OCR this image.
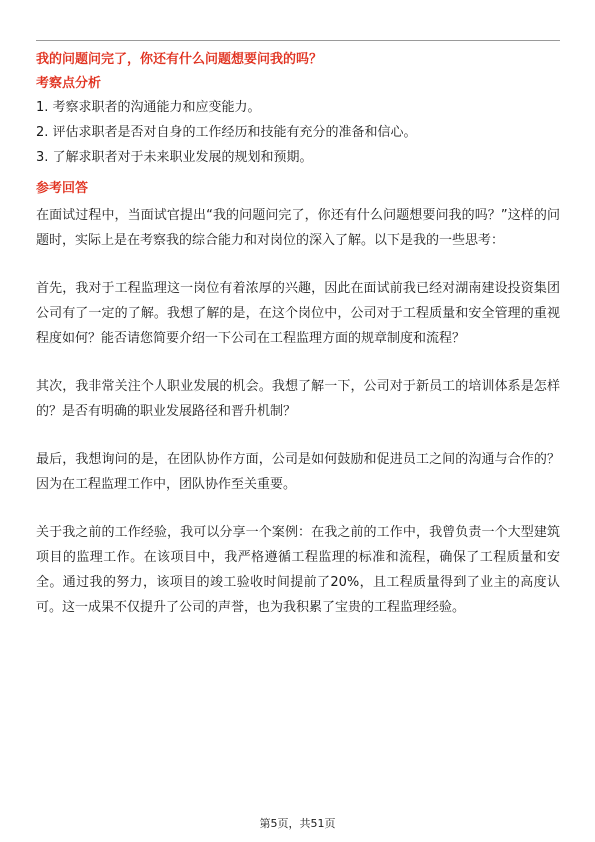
我的问题问完了，你还有什么问题想要问我的吗？
考察点分析
1. 考察求职者的沟通能力和应变能力。
2. 评估求职者是否对自身的工作经历和技能有充分的准备和信心。
3. 了解求职者对于未来职业发展的规划和预期。
参考回答

在面试过程中，当面试官提出“我的问题问完了，你还有什么问题想要问我的吗？”这样的问题时，实际上是在考察我的综合能力和对岗位的深入了解。以下是我的一些思考：

首先，我对于工程监理这一岗位有着浓厚的兴趣，因此在面试前我已经对湖南建设投资集团公司有了一定的了解。我想了解的是，在这个岗位中，公司对于工程质量和安全管理的重视程度如何？能否请您简要介绍一下公司在工程监理方面的规章制度和流程？

其次，我非常关注个人职业发展的机会。我想了解一下，公司对于新员工的培训体系是怎样的？是否有明确的职业发展路径和晋升机制？

最后，我想询问的是，在团队协作方面，公司是如何鼓励和促进员工之间的沟通与合作的？因为在工程监理工作中，团队协作至关重要。

关于我之前的工作经验，我可以分享一个案例：在我之前的工作中，我曾负责一个大型建筑项目的监理工作。在该项目中，我严格遵循工程监理的标准和流程，确保了工程质量和安全。通过我的努力，该项目的竣工验收时间提前了20%，且工程质量得到了业主的高度认可。这一成果不仅提升了公司的声誉，也为我积累了宝贵的工程监理经验。

第5页，共51页
